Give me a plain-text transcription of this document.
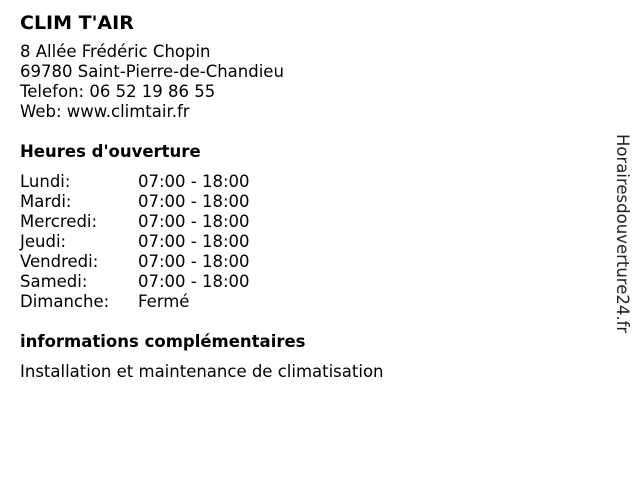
CLIM T'AIR
8 Allée Frédéric Chopin
69780 Saint-Pierre-de-Chandieu
Telefon: 06 52 19 86 55
Web: www.climtair.fr
Heures d'ouverture
Lundi:	07:00 - 18:00
Mardi:	07:00 - 18:00
Mercredi: 07:00 - 18:00
Jeudi:	07:00 - 18:00
Vendredi: 07:00 - 18:00
Samedi:	07:00 - 18:00
Dimanche: Fermé
informations complémentaires
Installation et maintenance de climatisation
Horairesdouverture24.fr
